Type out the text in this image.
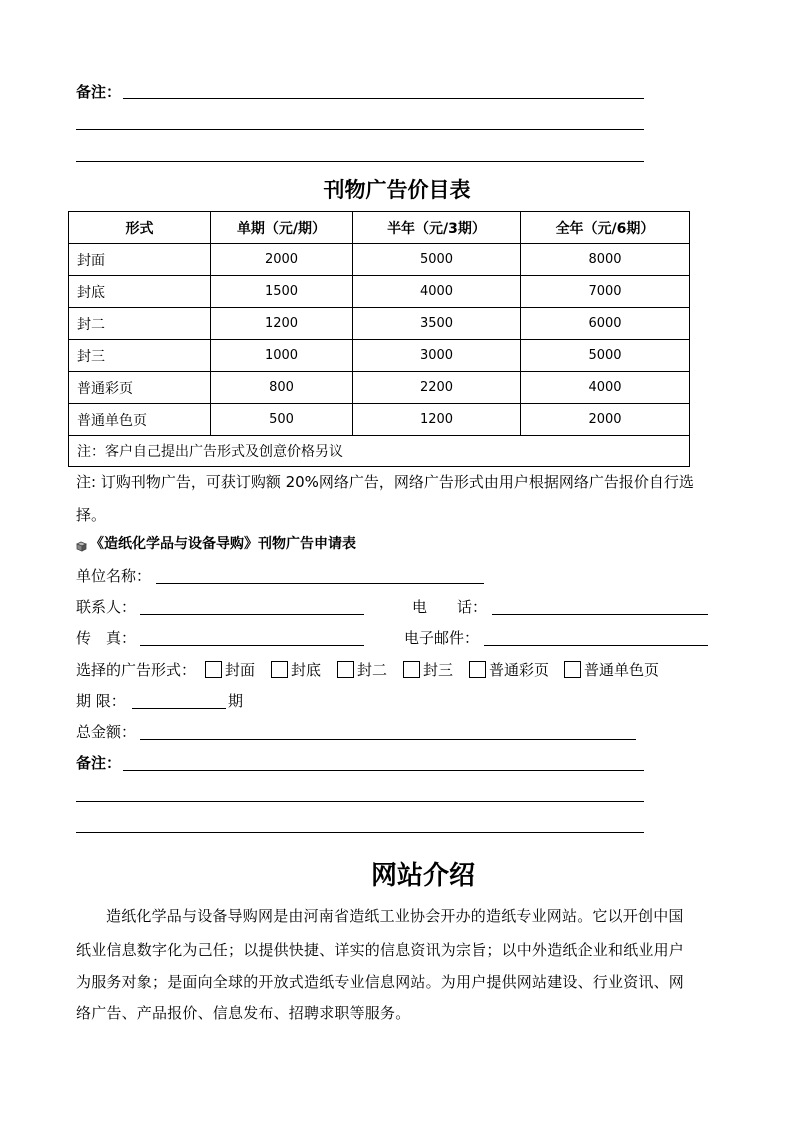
备注：
刊物广告价目表
形式	单期（元/期）	半年（元/3期）	全年（元/6期）
封面	2000	5000	8000
封底	1500	4000	7000
封二	1200	3500	6000
封三	1000	3000	5000
普通彩页	800	2200	4000
普通单色页	500	1200	2000
注：客户自己提出广告形式及创意价格另议			
注: 订购刊物广告，可获订购额 20%网络广告，网络广告形式由用户根据网络广告报价自行选
择。
《造纸化学品与设备导购》刊物广告申请表
单位名称：
联系人：	电　　话：
传　真：	电子邮件：
选择的广告形式： 封面 封底 封二 封三 普通彩页 普通单色页
期 限：	期
总金额：
备注：
网站介绍
造纸化学品与设备导购网是由河南省造纸工业协会开办的造纸专业网站。它以开创中国
纸业信息数字化为己任；以提供快捷、详实的信息资讯为宗旨；以中外造纸企业和纸业用户
为服务对象；是面向全球的开放式造纸专业信息网站。为用户提供网站建设、行业资讯、网
络广告、产品报价、信息发布、招聘求职等服务。
